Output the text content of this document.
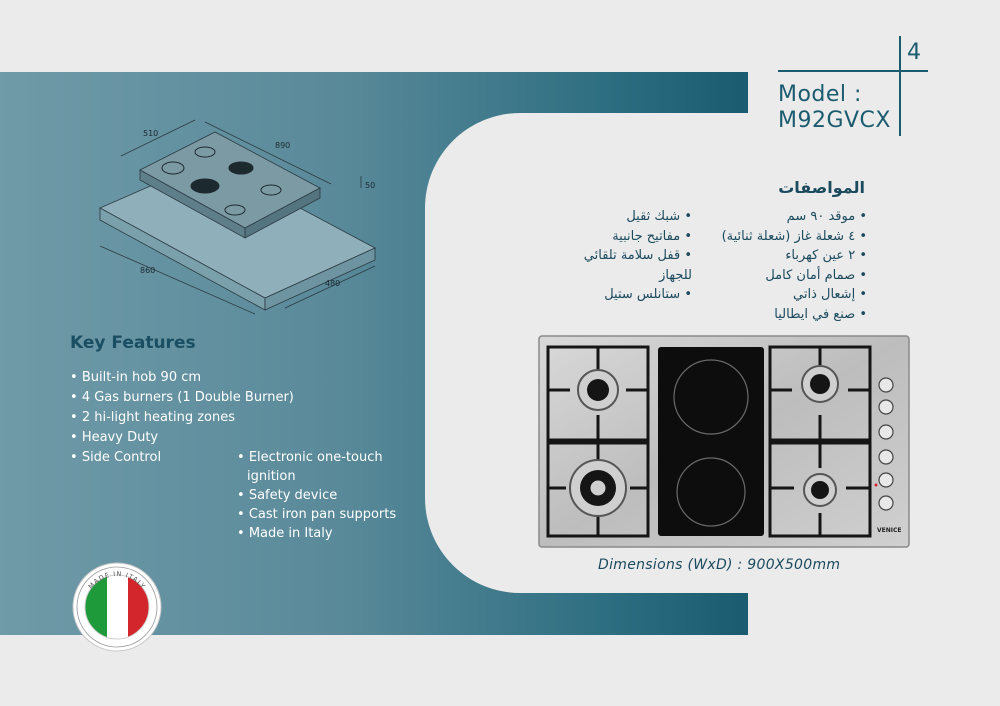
4
Model :
M92GVCX
المواصفات
• موقد ٩٠ سم
• ٤ شعلة غاز (شعلة ثنائية)
• ٢ عين كهرباء
• صمام أمان كامل
• إشعال ذاتي
• صنع في ايطاليا
• شبك ثقيل
• مفاتيح جانبية
• قفل سلامة تلقائي
للجهاز
• ستانلس ستيل
510
890
50
860
480
Key Features
• Built-in hob 90 cm
• 4 Gas burners (1 Double Burner)
• 2 hi-light heating zones
• Heavy Duty
• Side Control
•	Electronic one-touch
ignition
• Safety device
• Cast iron pan supports
• Made in Italy
MADE IN ITALY
VENICE
Dimensions (WxD) : 900X500mm
